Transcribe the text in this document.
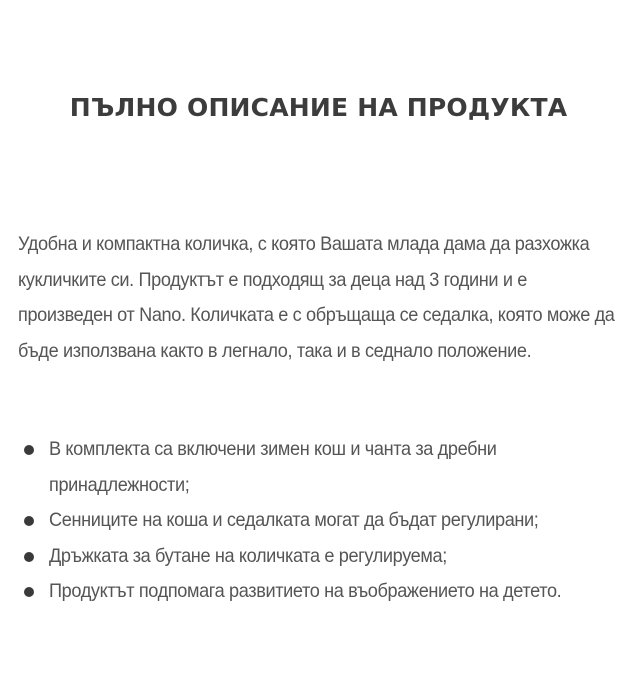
ПЪЛНО ОПИСАНИЕ НА ПРОДУКТА

Удобна и компактна количка, с която Вашата млада дама да разхожка кукличките си. Продуктът е подходящ за деца над 3 години и е произведен от Nano. Количката е с обръщаща се седалка, която може да бъде използвана както в легнало, така и в седнало положение.

В комплекта са включени зимен кош и чанта за дребни принадлежности;
Сенниците на коша и седалката могат да бъдат регулирани;
Дръжката за бутане на количката е регулируема;
Продуктът подпомага развитието на въображението на детето.
